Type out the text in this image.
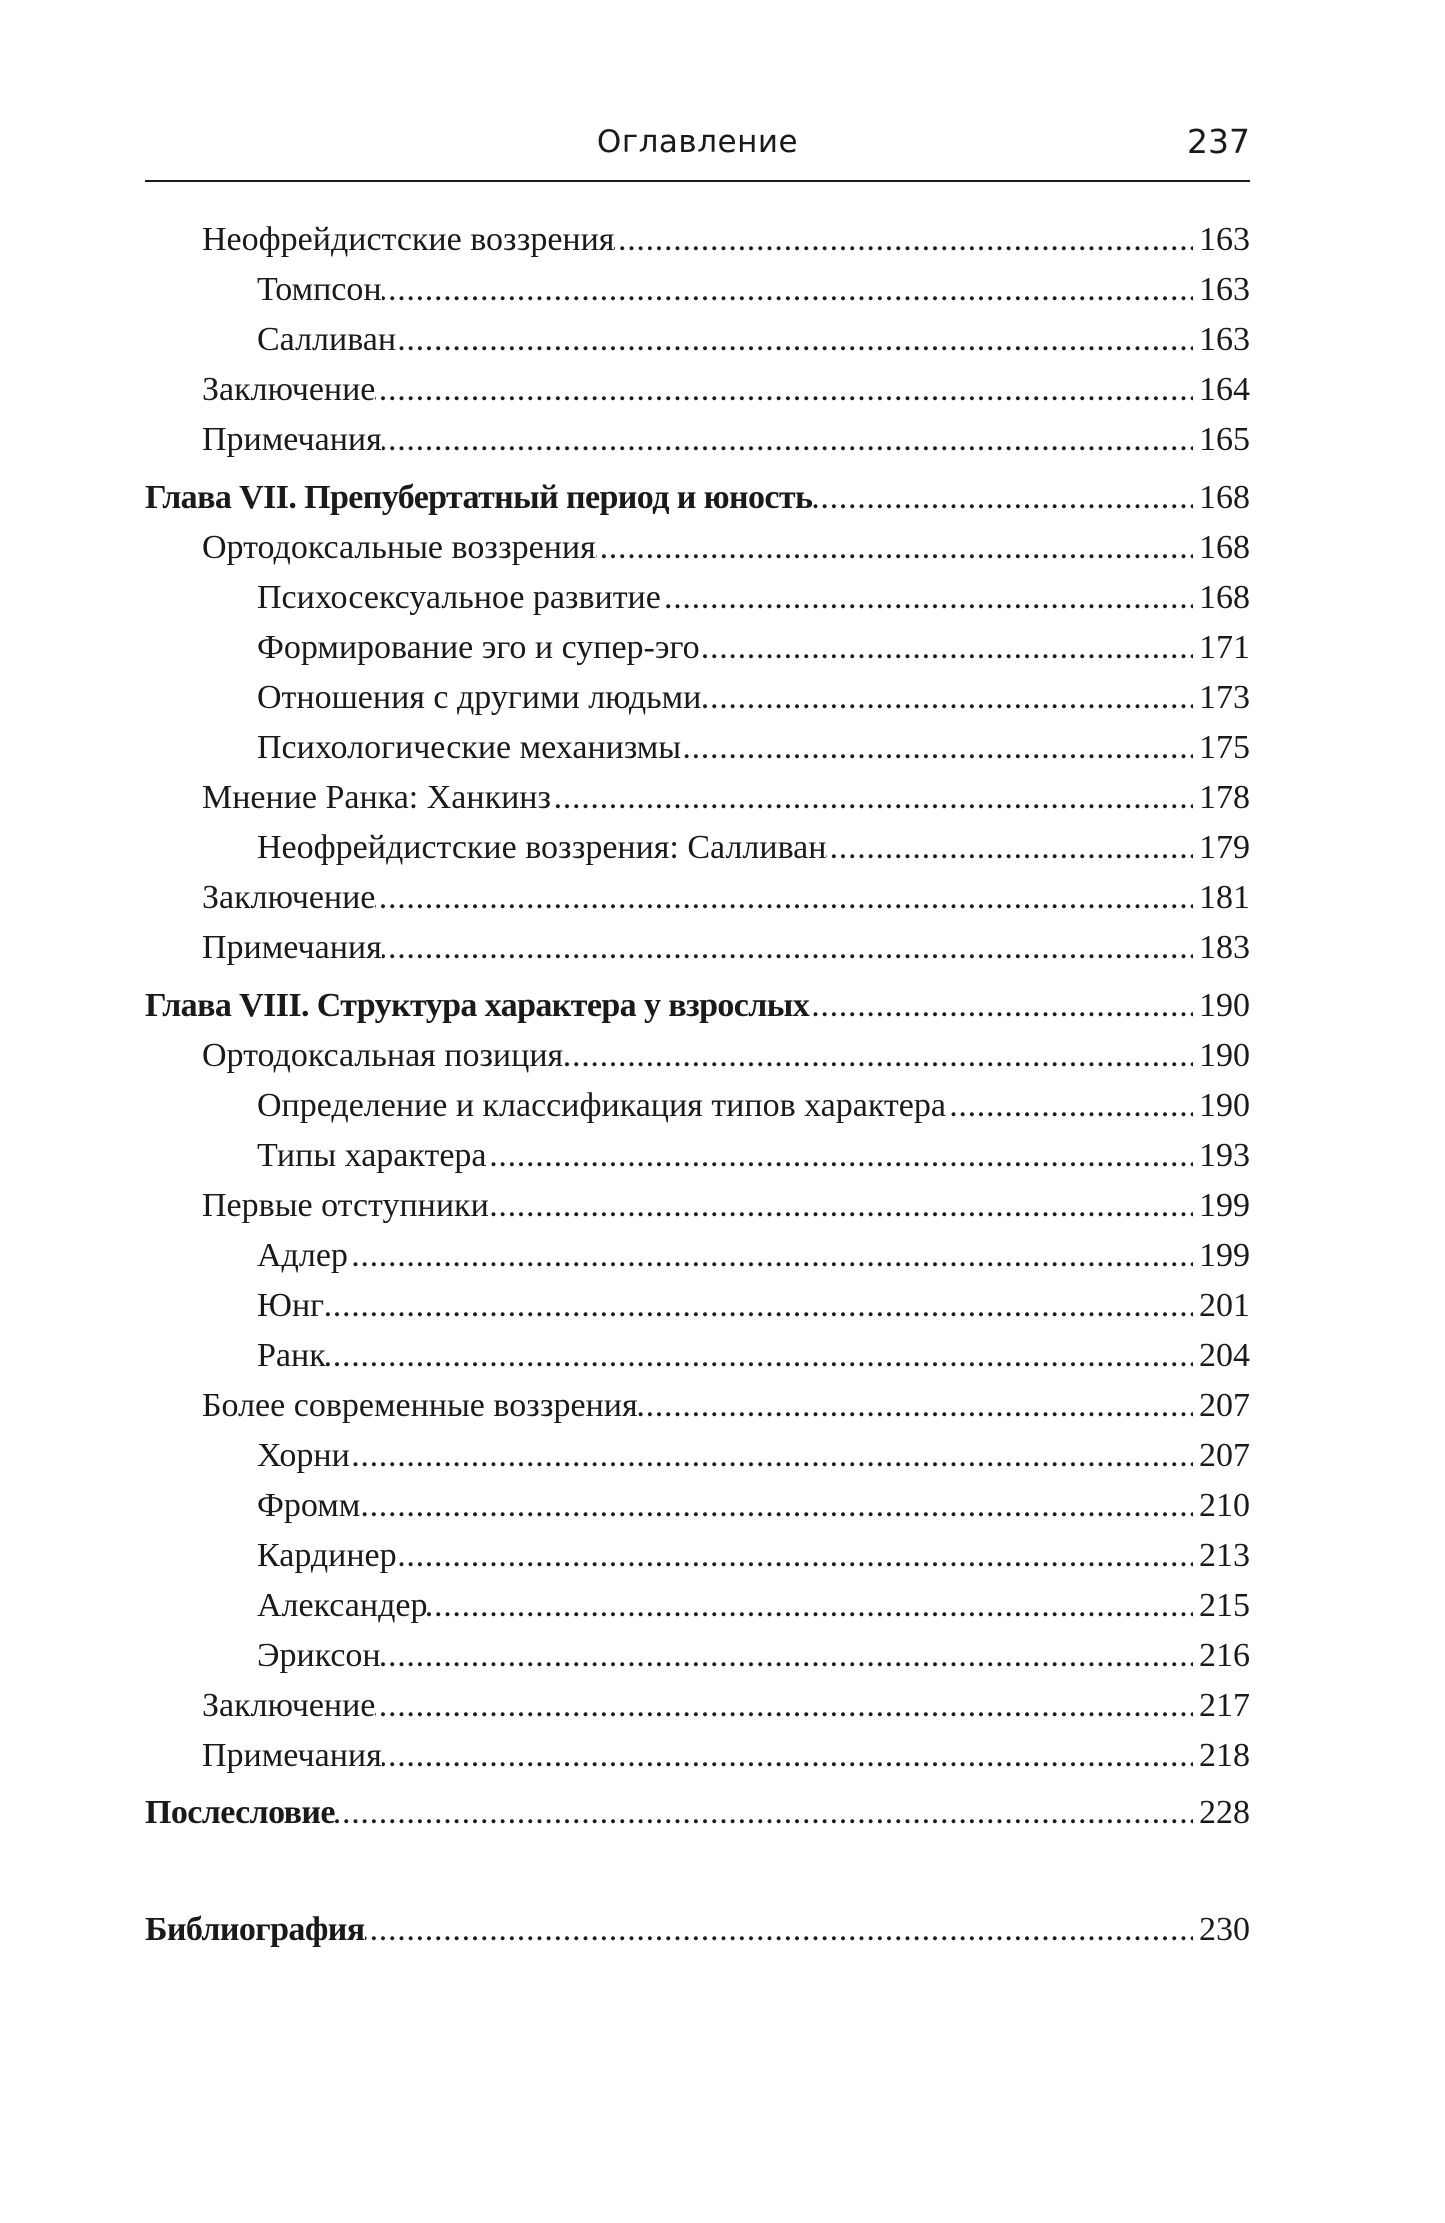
Оглавление	237
Неофрейдистские воззрения . . .	163
Томпсон . . .	163
Салливан . . .	163
Заключение . . .	164
Примечания . . .	165
Глава VII. Препубертатный период и юность . . .	168
Ортодоксальные воззрения . . .	168
Психосексуальное развитие . . .	168
Формирование эго и супер-эго . . .	171
Отношения с другими людьми . . .	173
Психологические механизмы . . .	175
Мнение Ранка: Ханкинз . . .	178
Неофрейдистские воззрения: Салливан . . .	179
Заключение . . .	181
Примечания . . .	183
Глава VIII. Структура характера у взрослых . . .	190
Ортодоксальная позиция . . .	190
Определение и классификация типов характера . . .	190
Типы характера . . .	193
Первые отступники . . .	199
Адлер . . .	199
Юнг . . .	201
Ранк . . .	204
Более современные воззрения . . .	207
Хорни . . .	207
Фромм . . .	210
Кардинер . . .	213
Александер . . .	215
Эриксон . . .	216
Заключение . . .	217
Примечания . . .	218
Послесловие . . .	228
Библиография . . .	230
